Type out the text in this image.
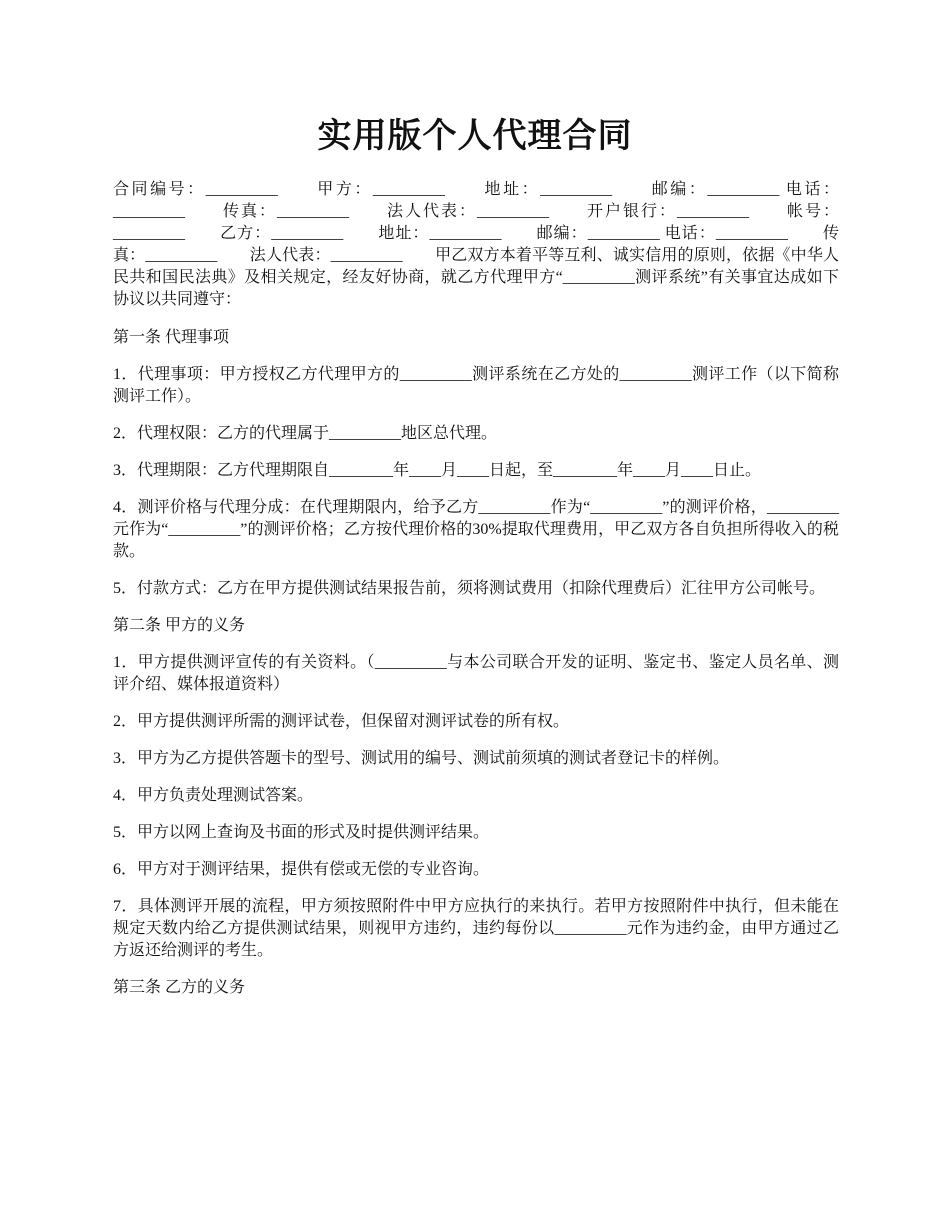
实用版个人代理合同

合同编号：_________　　甲方：_________　　地址：_________　　邮编：_________ 电话：_________　　传真：_________　　法人代表：_________　　开户银行：_________　　帐号：_________　　乙方：_________　　地址：_________　　邮编：_________ 电话：_________　　传真：_________　　法人代表：_________　　甲乙双方本着平等互利、诚实信用的原则，依据《中华人民共和国民法典》及相关规定，经友好协商，就乙方代理甲方“_________测评系统”有关事宜达成如下协议以共同遵守：

第一条 代理事项

1．代理事项：甲方授权乙方代理甲方的_________测评系统在乙方处的_________测评工作（以下简称测评工作）。

2．代理权限：乙方的代理属于_________地区总代理。

3．代理期限：乙方代理期限自________年____月____日起，至________年____月____日止。

4．测评价格与代理分成：在代理期限内，给予乙方_________作为“_________”的测评价格，_________元作为“_________”的测评价格；乙方按代理价格的30%提取代理费用，甲乙双方各自负担所得收入的税款。

5．付款方式：乙方在甲方提供测试结果报告前，须将测试费用（扣除代理费后）汇往甲方公司帐号。

第二条 甲方的义务

1．甲方提供测评宣传的有关资料。（_________与本公司联合开发的证明、鉴定书、鉴定人员名单、测评介绍、媒体报道资料）

2．甲方提供测评所需的测评试卷，但保留对测评试卷的所有权。

3．甲方为乙方提供答题卡的型号、测试用的编号、测试前须填的测试者登记卡的样例。

4．甲方负责处理测试答案。

5．甲方以网上查询及书面的形式及时提供测评结果。

6．甲方对于测评结果，提供有偿或无偿的专业咨询。

7．具体测评开展的流程，甲方须按照附件中甲方应执行的来执行。若甲方按照附件中执行，但未能在规定天数内给乙方提供测试结果，则视甲方违约，违约每份以_________元作为违约金，由甲方通过乙方返还给测评的考生。

第三条 乙方的义务
